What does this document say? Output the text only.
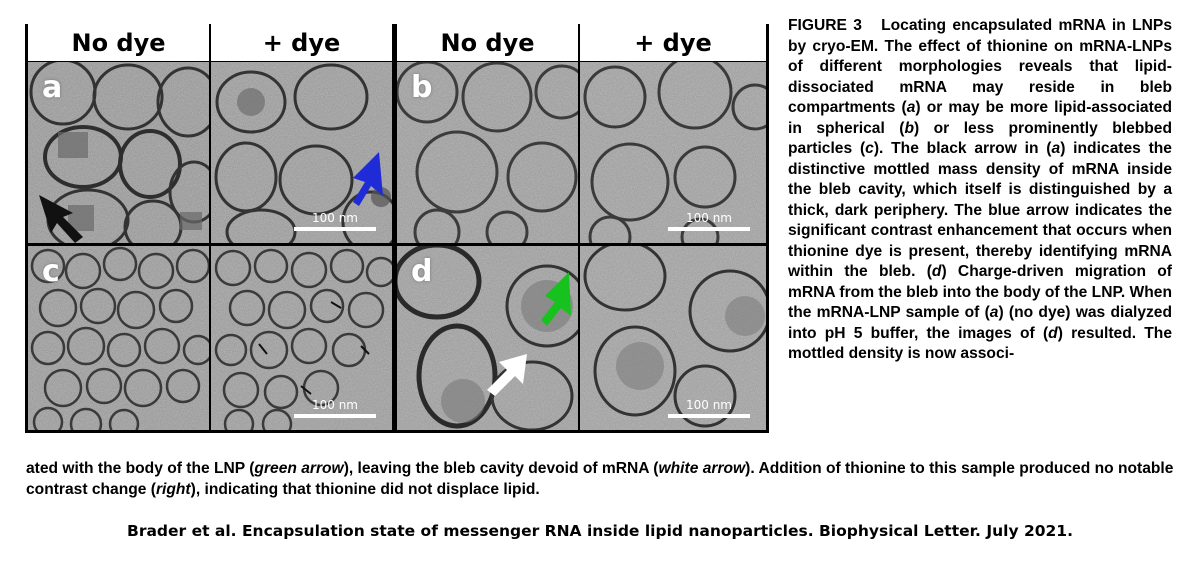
No dye	+ dye	No dye	+ dye
a
100 nm
b
100 nm
c
100 nm
d
100 nm
FIGURE 3 Locating encapsulated mRNA in LNPs by cryo-EM. The effect of thionine on mRNA-LNPs of different morphologies reveals that lipid-dissociated mRNA may reside in bleb compartments (a) or may be more lipid-associated in spherical (b) or less prominently blebbed particles (c). The black arrow in (a) indicates the distinctive mottled mass density of mRNA inside the bleb cavity, which itself is distinguished by a thick, dark periphery. The blue arrow indicates the significant contrast enhancement that occurs when thionine dye is present, thereby identifying mRNA within the bleb. (d) Charge-driven migration of mRNA from the bleb into the body of the LNP. When the mRNA-LNP sample of (a) (no dye) was dialyzed into pH 5 buffer, the images of (d) resulted. The mottled density is now associ-
ated with the body of the LNP (green arrow), leaving the bleb cavity devoid of mRNA (white arrow). Addition of thionine to this sample produced no notable contrast change (right), indicating that thionine did not displace lipid.
Brader et al. Encapsulation state of messenger RNA inside lipid nanoparticles. Biophysical Letter. July 2021.
